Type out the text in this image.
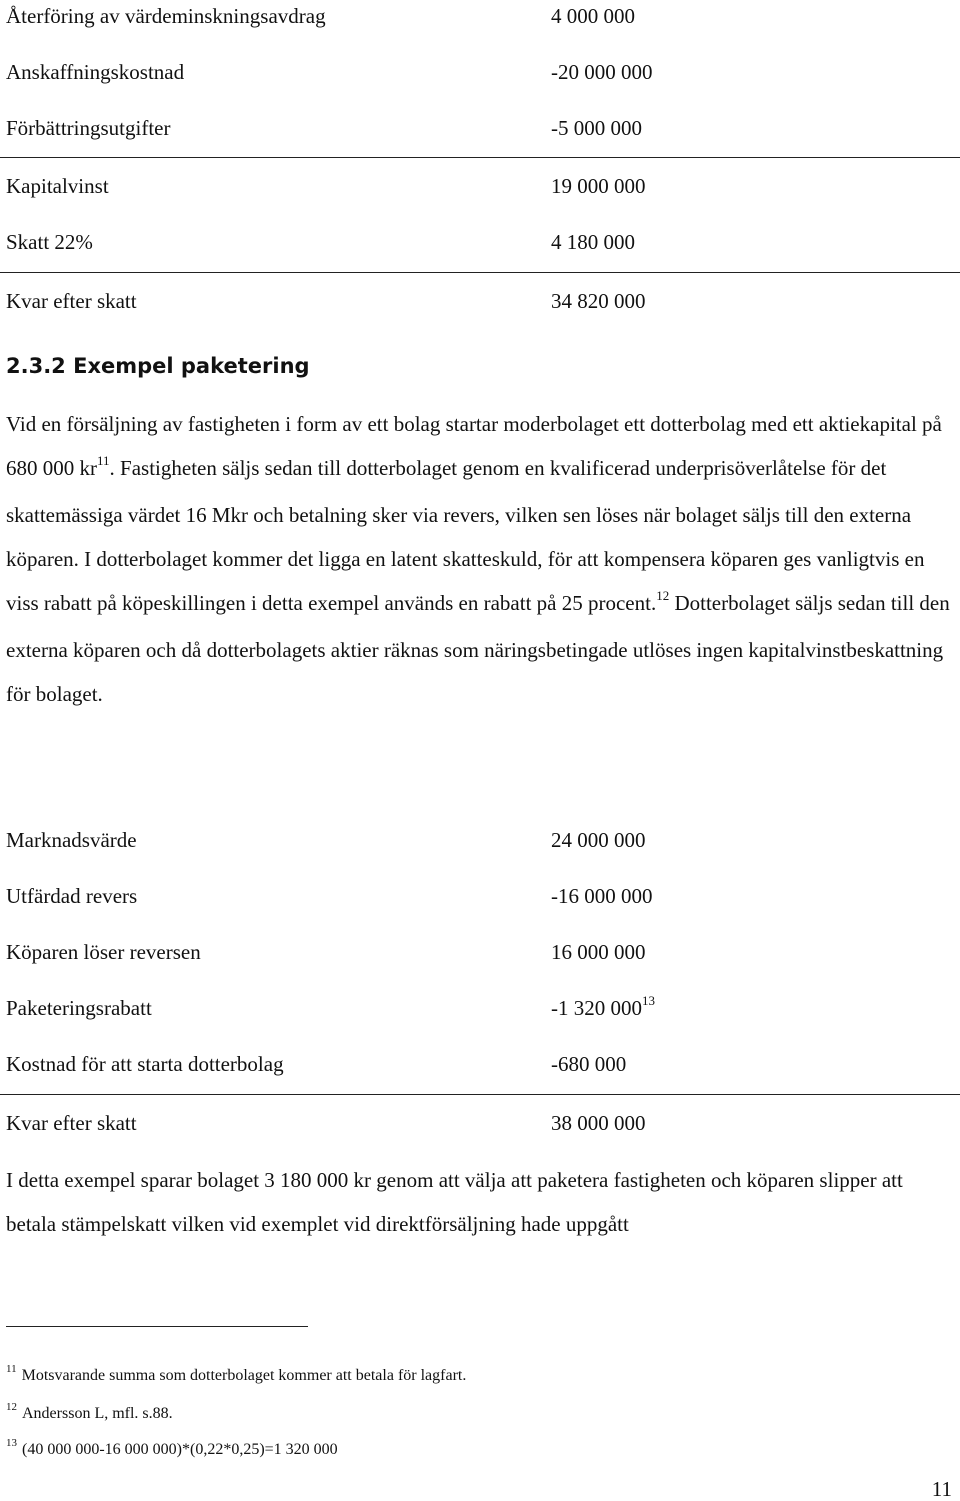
Återföring av värdeminskningsavdrag	4 000 000
Anskaffningskostnad	-20 000 000
Förbättringsutgifter	-5 000 000
Kapitalvinst	19 000 000
Skatt 22%	4 180 000
Kvar efter skatt	34 820 000
2.3.2 Exempel paketering

Vid en försäljning av fastigheten i form av ett bolag startar moderbolaget ett dotterbolag med ett aktiekapital på 680 000 $kr^{11}$. Fastigheten säljs sedan till dotterbolaget genom en kvalificerad underprisöverlåtelse för det skattemässiga värdet 16 Mkr och betalning sker via revers, vilken sen löses när bolaget säljs till den externa köparen. I dotterbolaget kommer det ligga en latent skatteskuld, för att kompensera köparen ges vanligtvis en viss rabatt på köpeskillingen i detta exempel används en rabatt på 25 procent.$^{12}$ Dotterbolaget säljs sedan till den externa köparen och då dotterbolagets aktier räknas som näringsbetingade utlöses ingen kapitalvinstbeskattning för bolaget.

Marknadsvärde	24 000 000
Utfärdad revers	-16 000 000
Köparen löser reversen	16 000 000
Paketeringsrabatt	-1 320 $000^{13}$
Kostnad för att starta dotterbolag	-680 000
Kvar efter skatt	38 000 000

I detta exempel sparar bolaget 3 180 000 kr genom att välja att paketera fastigheten och köparen slipper att betala stämpelskatt vilken vid exemplet vid direktförsäljning hade uppgått

$^{11}$ Motsvarande summa som dotterbolaget kommer att betala för lagfart.
$^{12}$ Andersson L, mfl. s.88.
$^{13}$ (40 000 000-16 000 000)*(0,22*0,25)=1 320 000
11
